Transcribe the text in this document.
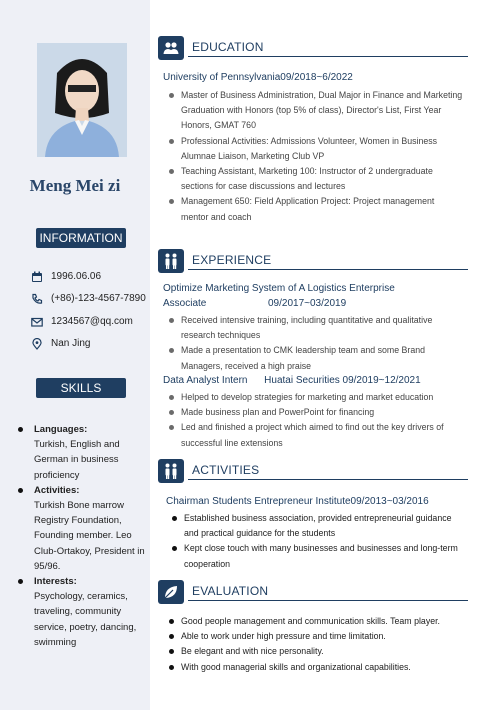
Meng Mei zi
INFORMATION
1996.06.06
(+86)-123-4567-7890
1234567@qq.com
Nan Jing
SKILLS
Languages:
Turkish, English and German in business proficiency
Activities:
Turkish Bone marrow Registry Foundation, Founding member. Leo Club-Ortakoy, President in 95/96.
Interests:
Psychology, ceramics, traveling, community service, poetry, dancing, swimming
EDUCATION
University of Pennsylvania09/2018~6/2022
Master of Business Administration, Dual Major in Finance and Marketing Graduation with Honors (top 5% of class), Director's List, First Year Honors, GMAT 760
Professional Activities: Admissions Volunteer, Women in Business Alumnae Liaison, Marketing Club VP
Teaching Assistant, Marketing 100: Instructor of 2 undergraduate sections for case discussions and lectures
Management 650: Field Application Project: Project management mentor and coach
EXPERIENCE
Optimize Marketing System of A Logistics Enterprise
Associate	09/2017~03/2019
Received intensive training, including quantitative and qualitative research techniques
Made a presentation to CMK leadership team and some Brand Managers, received a high praise
Data Analyst Intern      Huatai Securities 09/2019~12/2021
Helped to develop strategies for marketing and market education
Made business plan and PowerPoint for financing
Led and finished a project which aimed to find out the key drivers of successful line extensions
ACTIVITIES
Chairman Students Entrepreneur Institute09/2013~03/2016
Established business association, provided entrepreneurial guidance and practical guidance for the students
Kept close touch with many businesses and businesses and long-term cooperation
EVALUATION
Good people management and communication skills. Team player.
Able to work under high pressure and time limitation.
Be elegant and with nice personality.
With good managerial skills and organizational capabilities.
